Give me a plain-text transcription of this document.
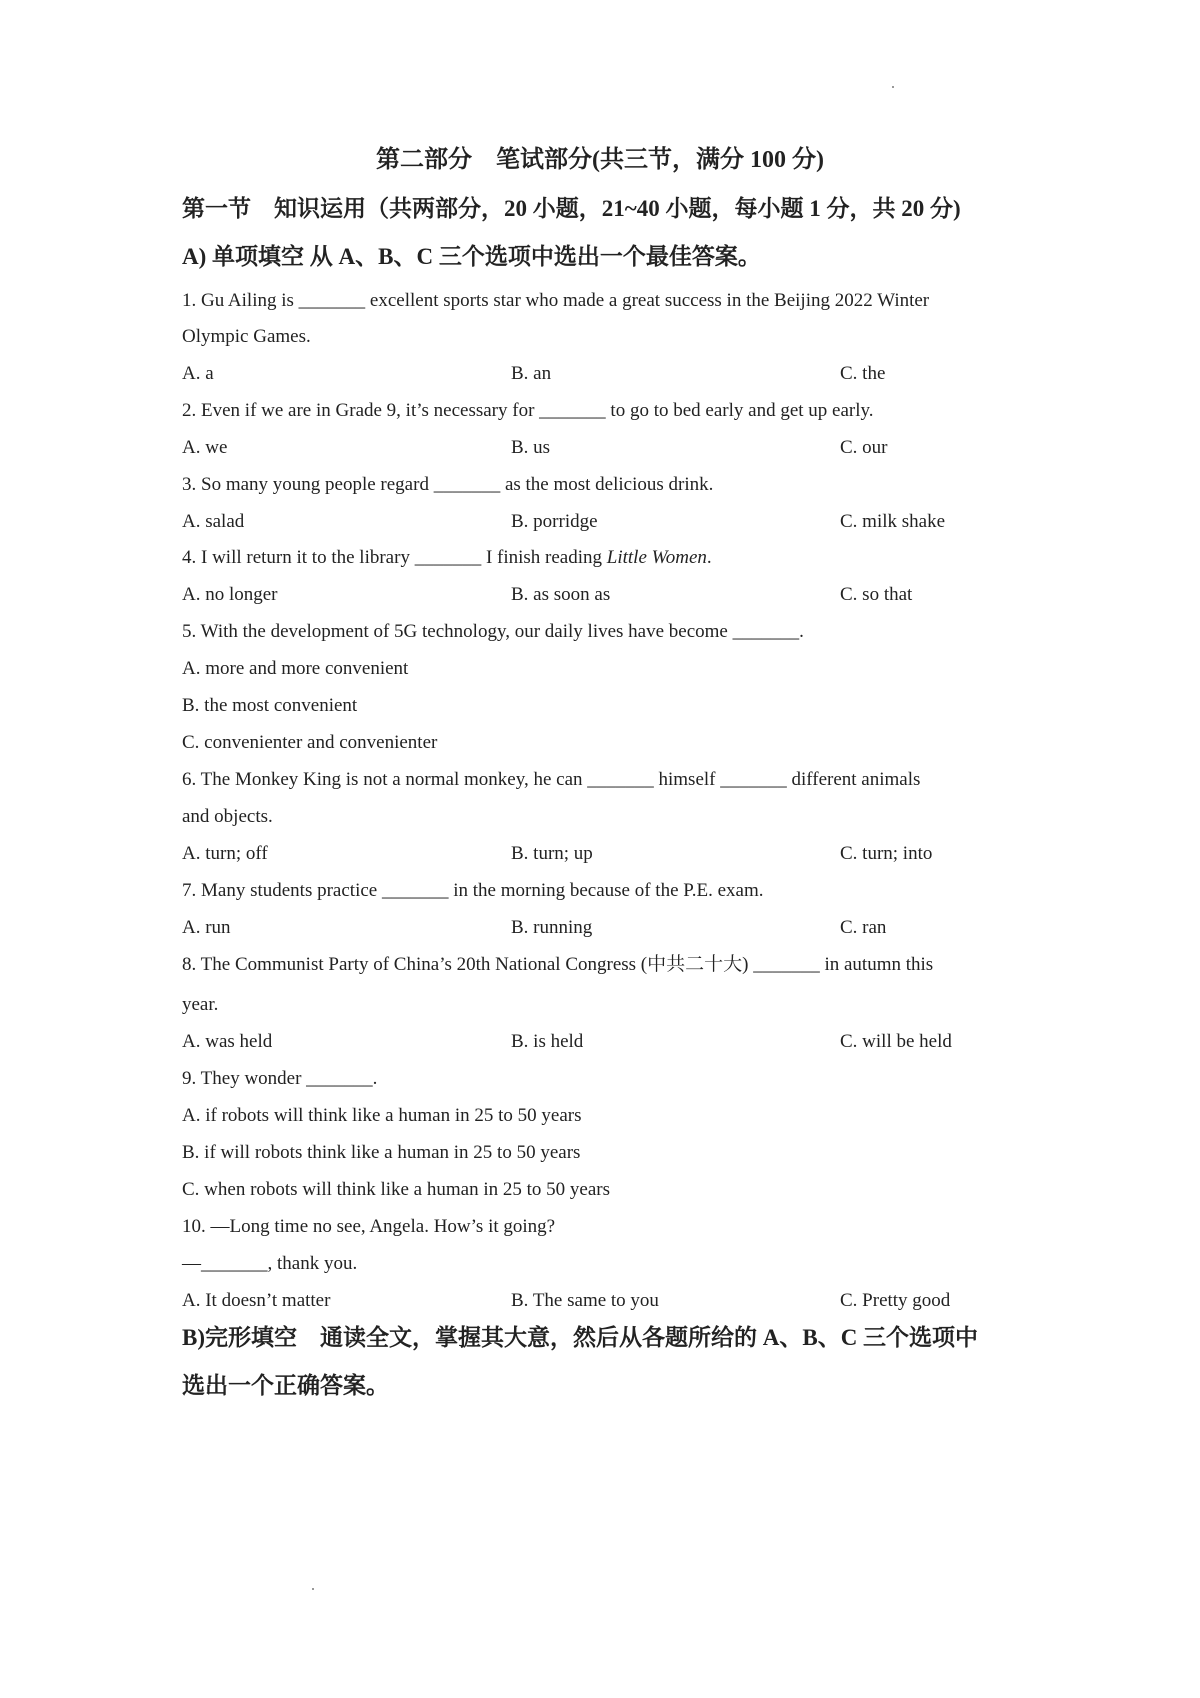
第二部分　笔试部分(共三节，满分 100 分)
第一节　知识运用（共两部分，20 小题，21~40 小题，每小题 1 分，共 20 分)
A) 单项填空 从 A、B、C 三个选项中选出一个最佳答案。
1. Gu Ailing is _______ excellent sports star who made a great success in the Beijing 2022 Winter
Olympic Games.
A. a	B. an	C. the
2. Even if we are in Grade 9, it’s necessary for _______ to go to bed early and get up early.
A. we	B. us	C. our
3. So many young people regard _______ as the most delicious drink.
A. salad	B. porridge	C. milk shake
4. I will return it to the library _______ I finish reading Little Women.
A. no longer	B. as soon as	C. so that
5. With the development of 5G technology, our daily lives have become _______.
A. more and more convenient
B. the most convenient
C. convenienter and convenienter
6. The Monkey King is not a normal monkey, he can _______ himself _______ different animals
and objects.
A. turn; off	B. turn; up	C. turn; into
7. Many students practice _______ in the morning because of the P.E. exam.
A. run	B. running	C. ran
8. The Communist Party of China’s 20th National Congress (中共二十大) _______ in autumn this
year.
A. was held	B. is held	C. will be held
9. They wonder _______.
A. if robots will think like a human in 25 to 50 years
B. if will robots think like a human in 25 to 50 years
C. when robots will think like a human in 25 to 50 years
10. —Long time no see, Angela. How’s it going?
—_______, thank you.
A. It doesn’t matter	B. The same to you	C. Pretty good
B)完形填空　通读全文，掌握其大意，然后从各题所给的 A、B、C 三个选项中
选出一个正确答案。
